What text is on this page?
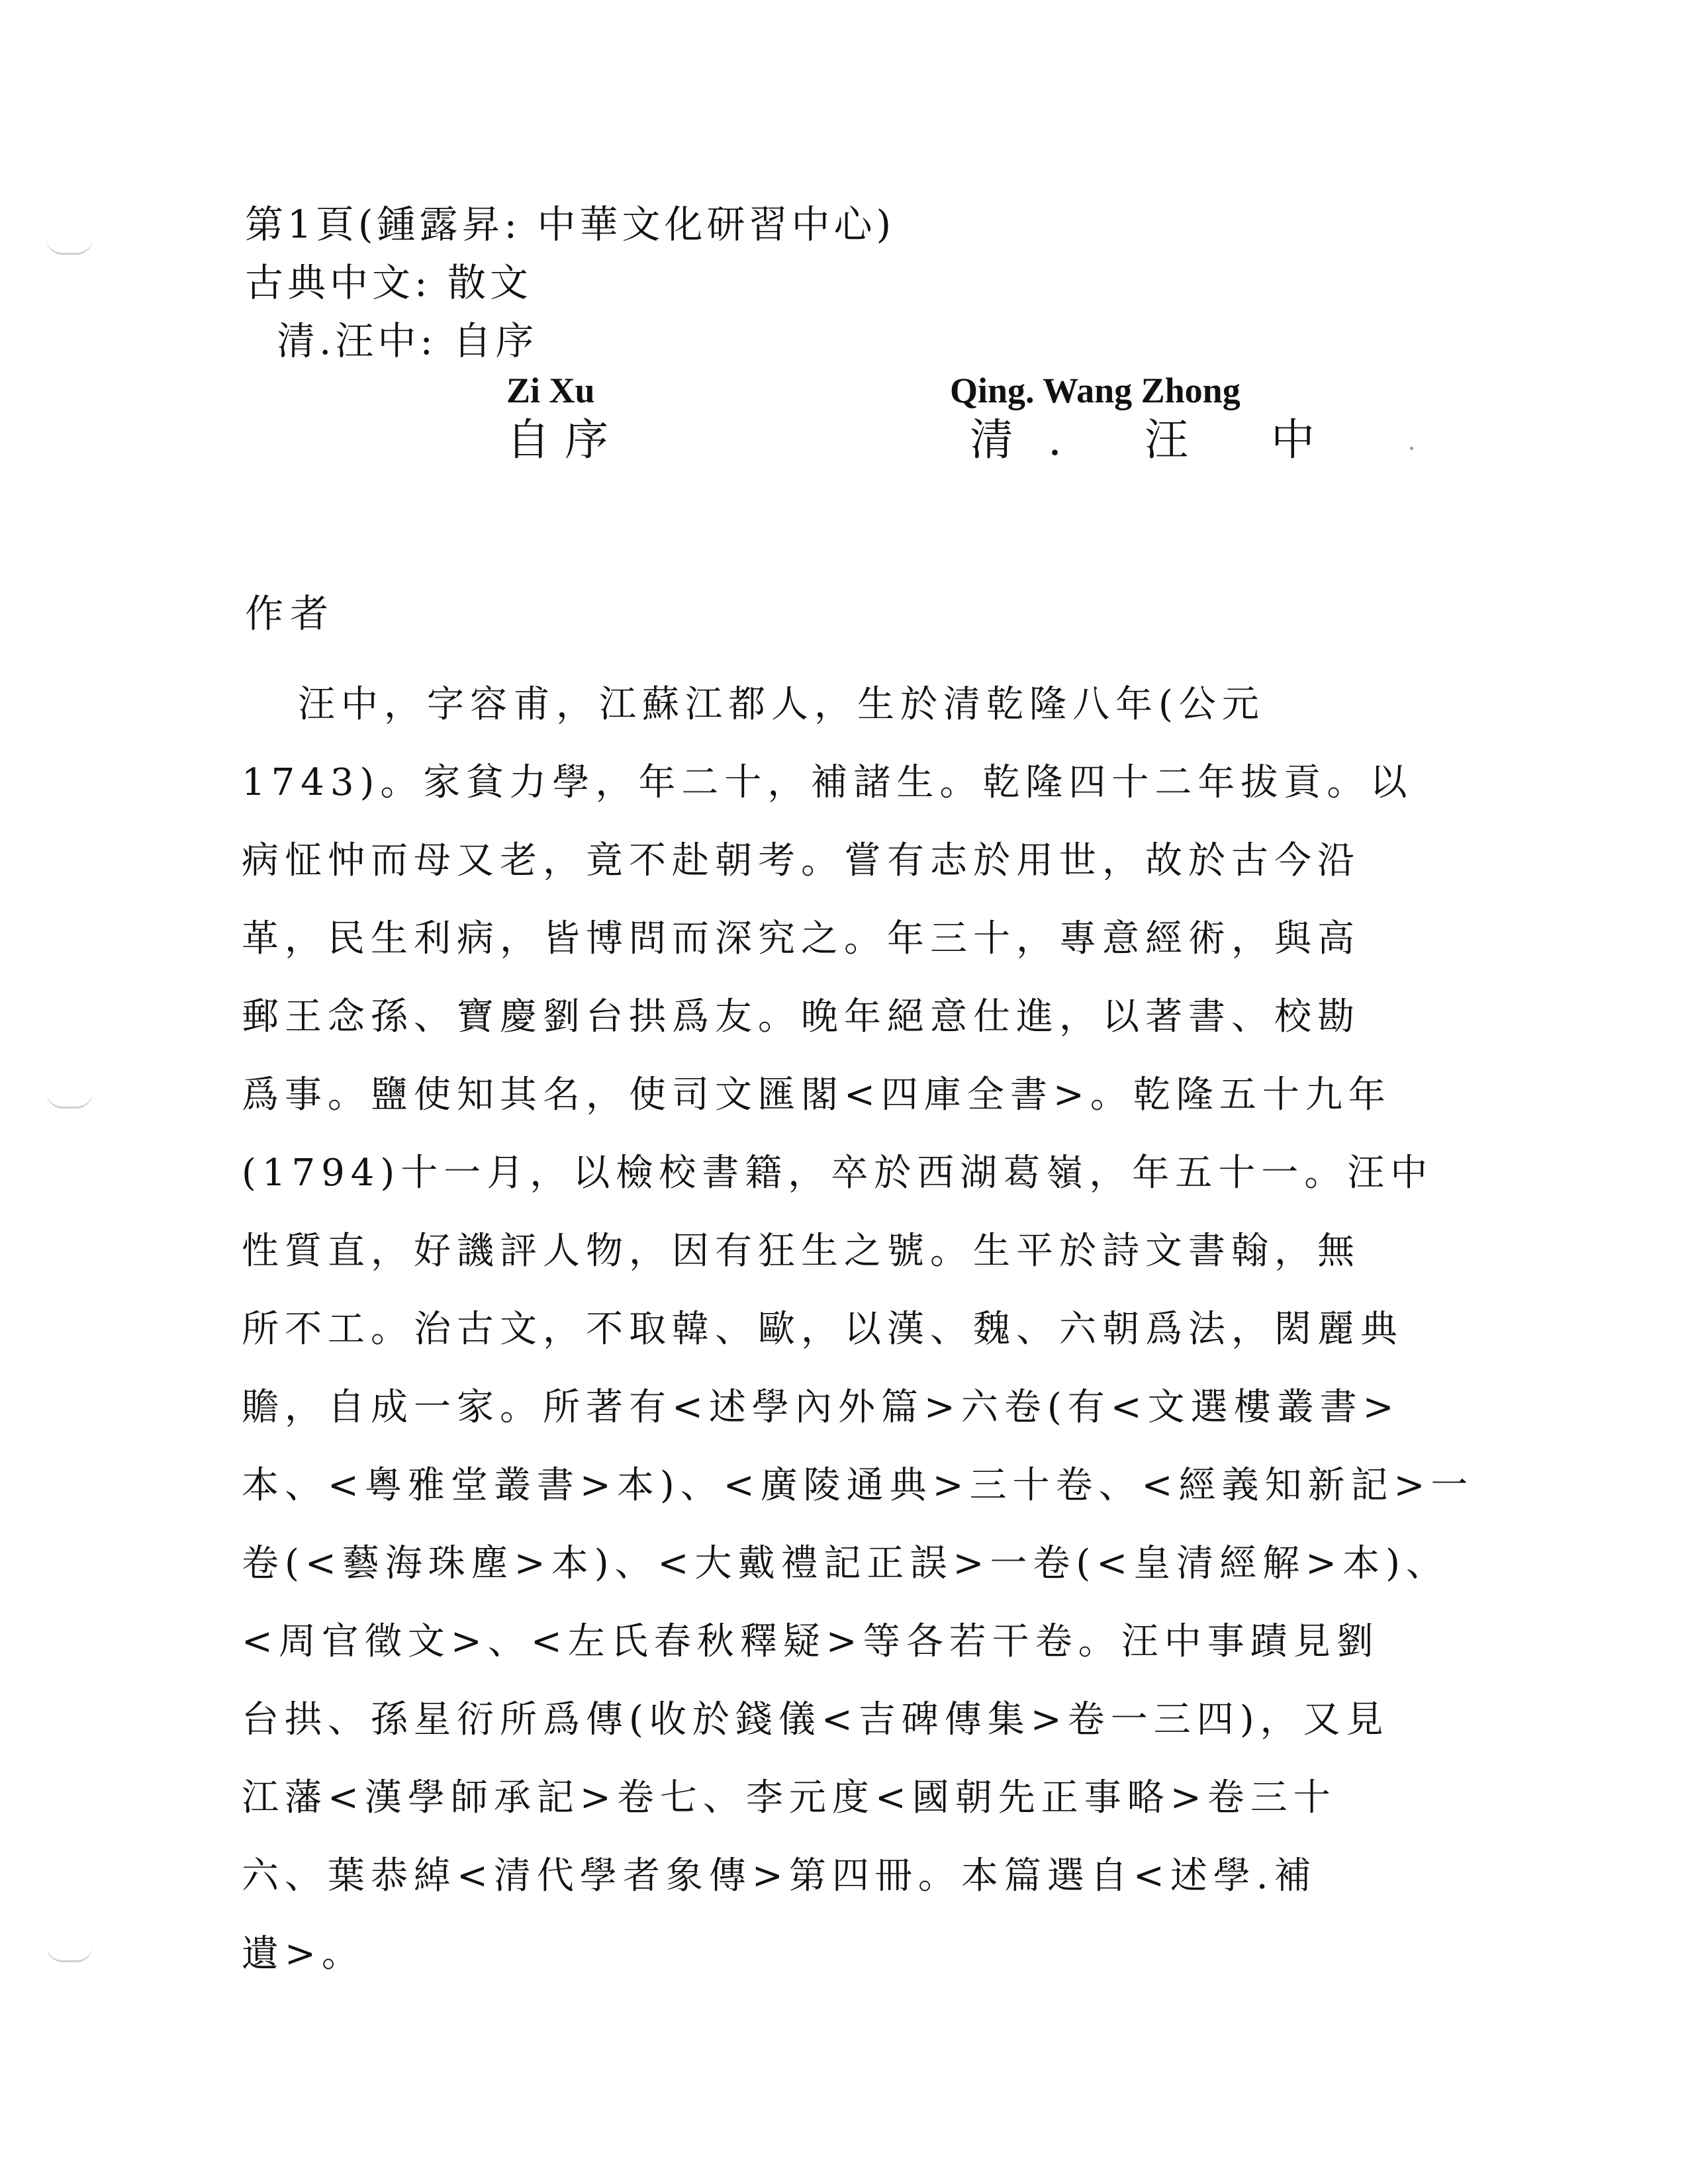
第1頁(鍾露昇: 中華文化研習中心)
古典中文: 散文
清.汪中: 自序
Zi Xu
自序
Qing. Wang Zhong
清. 汪 中
作者
汪中，字容甫，江蘇江都人，生於清乾隆八年(公元
1743)。家貧力學，年二十，補諸生。乾隆四十二年拔貢。以
病怔忡而母又老，竟不赴朝考。嘗有志於用世，故於古今沿
革，民生利病，皆博問而深究之。年三十，專意經術，與高
郵王念孫、寶慶劉台拱爲友。晚年絕意仕進，以著書、校勘
爲事。鹽使知其名，使司文匯閣<四庫全書>。乾隆五十九年
(1794)十一月，以檢校書籍，卒於西湖葛嶺，年五十一。汪中
性質直，好譏評人物，因有狂生之號。生平於詩文書翰，無
所不工。治古文，不取韓、歐，以漢、魏、六朝爲法，閎麗典
贍，自成一家。所著有<述學內外篇>六卷(有<文選樓叢書>
本、<粵雅堂叢書>本)、<廣陵通典>三十卷、<經義知新記>一
卷(<藝海珠塵>本)、<大戴禮記正誤>一卷(<皇清經解>本)、
<周官徵文>、<左氏春秋釋疑>等各若干卷。汪中事蹟見劉
台拱、孫星衍所爲傳(收於錢儀<吉碑傳集>卷一三四)，又見
江藩<漢學師承記>卷七、李元度<國朝先正事略>卷三十
六、葉恭綽<清代學者象傳>第四冊。本篇選自<述學.補
遺>。
